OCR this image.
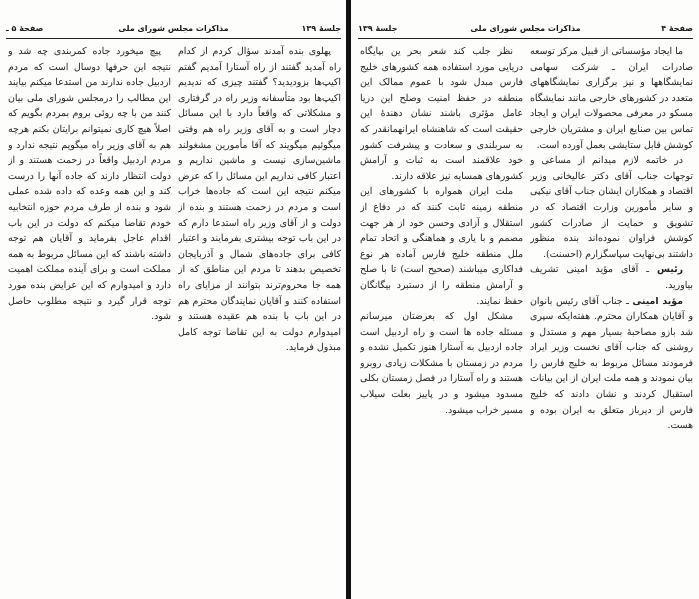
جلسهٔ ۱۳۹
مذاکرات مجلس شورای ملی
صفحهٔ ۵ ـ

پهلوی بنده آمدند سؤال کردم از کدام راه آمدید گفتند از راه آستارا آمدیم گفتم اکیپ‌ها بزودیدید؟ گفتند چیزی که ندیدیم اکیپ‌ها بود متأسفانه وزیر راه در گرفتاری و مشکلاتی که واقعاً دارد با این مسائل دچار است و به آقای وزیر راه هم وقتی میگوئیم میگویند که آقا مأمورین مشغولند ماشین‌سازی نیست و ماشین نداریم و اعتبار کافی نداریم این مسائل را که عرض میکنم نتیجه این است که جاده‌ها خراب است و مردم در زحمت هستند و بنده از دولت و از آقای وزیر راه استدعا دارم که در این باب توجه بیشتری بفرمایند و اعتبار کافی برای جاده‌های شمال و آذربایجان تخصیص بدهند تا مردم این مناطق که از همه جا محروم‌ترند بتوانند از مزایای راه استفاده کنند و آقایان نمایندگان محترم هم در این باب با بنده هم عقیده هستند و امیدوارم دولت به این تقاضا توجه کامل مبذول فرماید.

پیچ میخورد جاده کمربندی چه شد و نتیجه این حرفها دوسال است که مردم اردبیل جاده ندارند من استدعا میکنم بیایند این مطالب را درمجلس شورای ملی بیان کنند من با چه روئی بروم بمردم بگویم که اصلاً هیچ کاری نمیتوانم برایتان بکنم هرچه هم به آقای وزیر راه میگویم نتیجه ندارد و مردم اردبیل واقعاً در زحمت هستند و از دولت انتظار دارند که جاده آنها را درست کند و این همه وعده که داده شده عملی شود و بنده از طرف مردم حوزه انتخابیه خودم تقاضا میکنم که دولت در این باب اقدام عاجل بفرماید و آقایان هم توجه داشته باشند که این مسائل مربوط به همه مملکت است و برای آینده مملکت اهمیت دارد و امیدوارم که این عرایض بنده مورد توجه قرار گیرد و نتیجه مطلوب حاصل شود.

صفحهٔ ۴
مذاکرات مجلس شورای ملی
جلسهٔ ۱۳۹

ما ایجاد مؤسساتی از قبیل مرکز توسعه صادرات ایران ـ شرکت سهامی نمایشگاهها و نیز برگزاری نمایشگاههای متعدد در کشورهای خارجی مانند نمایشگاه مسکو در معرفی محصولات ایران و ایجاد تماس بین صنایع ایران و مشتریان خارجی کوشش قابل ستایشی بعمل آورده است.

در خاتمه لازم میدانم از مساعی و توجهات جناب آقای دکتر عالیخانی وزیر اقتصاد و همکاران ایشان جناب آقای نیکپی و سایر مأمورین وزارت اقتصاد که در تشویق و حمایت از صادرات کشور کوشش فراوان نموده‌اند بنده منظور داشتند بی‌نهایت سپاسگزارم (احسنت).

رئیس ـ آقای مؤید امینی تشریف بیاورید.

مؤید امینی ـ جناب آقای رئیس بانوان و آقایان همکاران محترم. هفته‌ایکه سپری شد بازو مصاحبهٔ بسیار مهم و مستدل و روشنی که جناب آقای نخست وزیر ایراد فرمودند مسائل مربوط به خلیج فارس را بیان نمودند و همه ملت ایران از این بیانات استقبال کردند و نشان دادند که خلیج فارس از دیرباز متعلق به ایران بوده و هست.

نظر جلب کند شعر بحر ین بپایگاه دریایی مورد استفاده همه کشورهای خلیج فارس مبدل شود با عموم ممالک این منطقه در حفظ امنیت وصلح این دریا عامل مؤثری باشند نشان دهندهٔ این حقیقت است که شاهنشاه ایرانهمانقدر که به سربلندی و سعادت و پیشرفت کشور خود علاقمند است به ثبات و آرامش کشورهای همسایه نیز علاقه دارند.

ملت ایران همواره با کشورهای این منطقه زمینه ثابت کنند که در دفاع از استقلال و آزادی وحسن خود از هر جهت مصمم و با یاری و هماهنگی و اتحاد تمام ملل منطقه خلیج فارس آماده هر نوع فداکاری میباشند (صحیح است) تا با صلح و آرامش منطقه را از دستبرد بیگانگان حفظ نمایند.

مشکل اول که بعرضتان میرسانم مسئله جاده ها است و راه اردبیل است جاده اردبیل به آستارا هنوز تکمیل نشده و مردم در زمستان با مشکلات زیادی روبرو هستند و راه آستارا در فصل زمستان بکلی مسدود میشود و در پاییز بعلت سیلاب مسیر خراب میشود.
